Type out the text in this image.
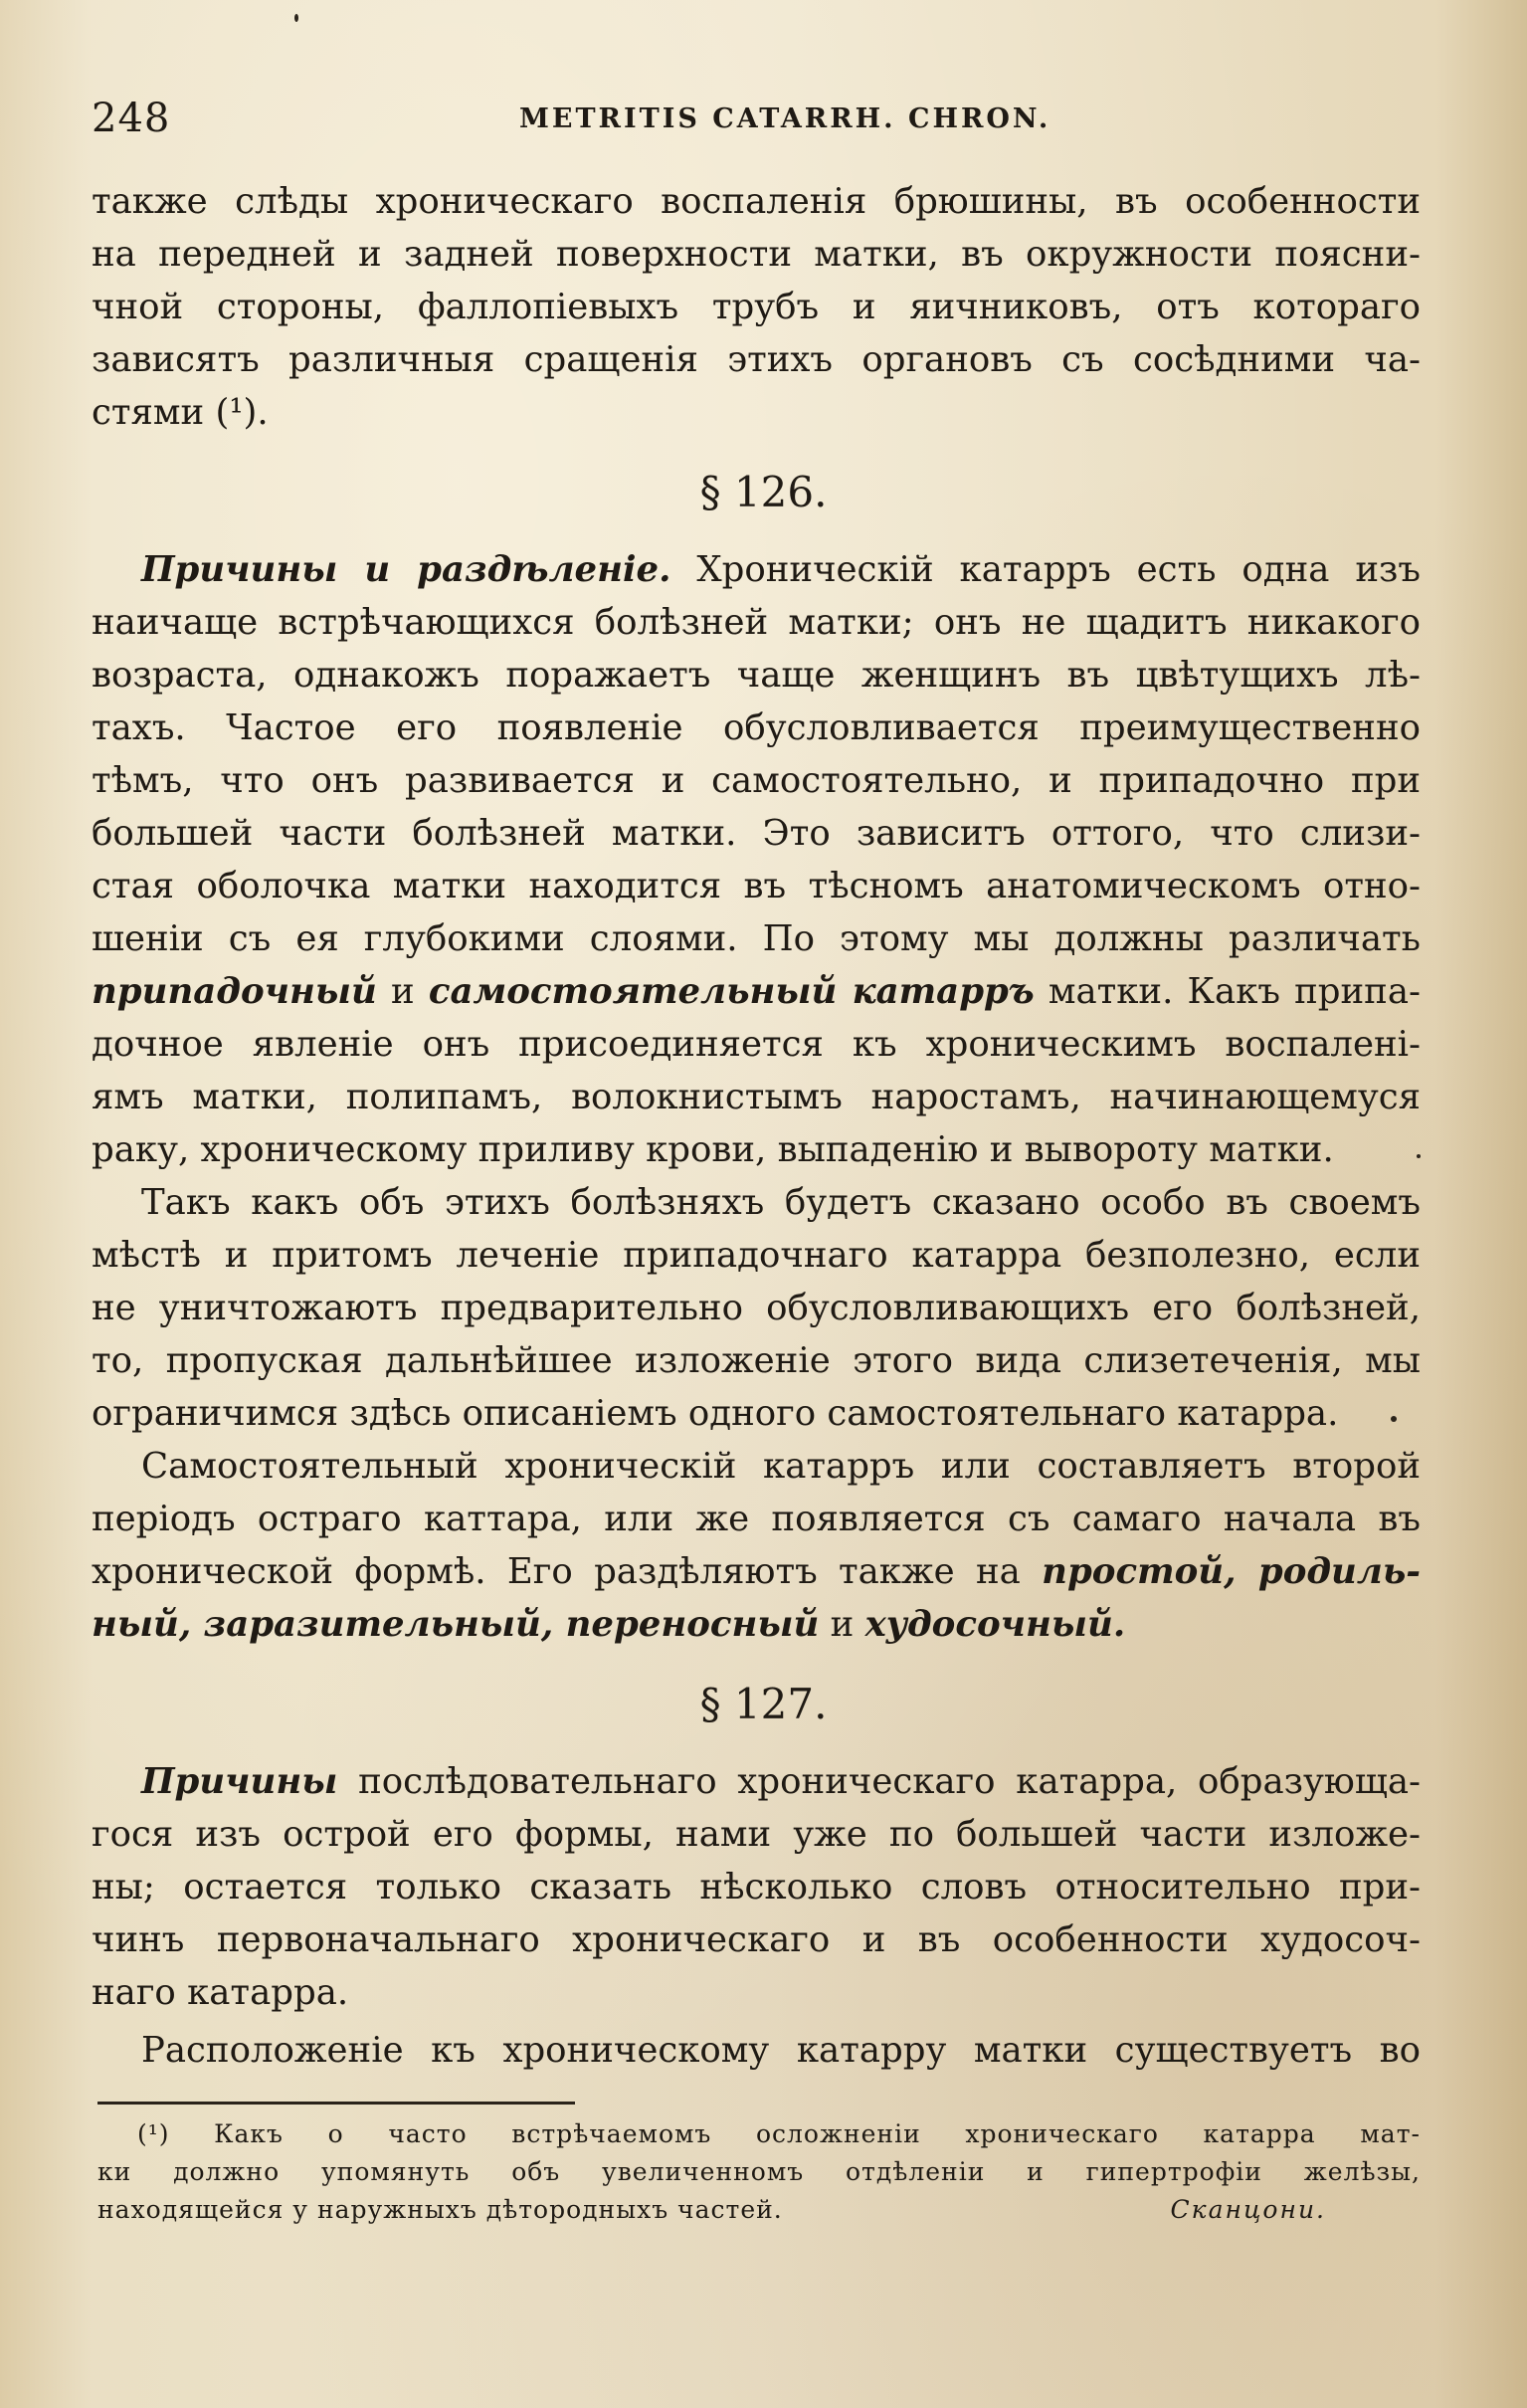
248	METRITIS CATARRH. CHRON.
также слѣды хроническаго воспаленія брюшины, въ особенности
на передней и задней поверхности матки, въ окружности поясни-
чной стороны, фаллопіевыхъ трубъ и яичниковъ, отъ котораго
зависятъ различныя сращенія этихъ органовъ съ сосѣдними ча-
стями (¹).
§ 126.
Причины и раздѣленіе. Хроническій катарръ есть одна изъ
наичаще встрѣчающихся болѣзней матки; онъ не щадитъ никакого
возраста, однакожъ поражаетъ чаще женщинъ въ цвѣтущихъ лѣ-
тахъ. Частое его появленіе обусловливается преимущественно
тѣмъ, что онъ развивается и самостоятельно, и припадочно при
большей части болѣзней матки. Это зависитъ оттого, что слизи-
стая оболочка матки находится въ тѣсномъ анатомическомъ отно-
шеніи съ ея глубокими слоями. По этому мы должны различать
припадочный и самостоятельный катарръ матки. Какъ припа-
дочное явленіе онъ присоединяется къ хроническимъ воспалені-
ямъ матки, полипамъ, волокнистымъ наростамъ, начинающемуся
раку, хроническому приливу крови, выпаденію и вывороту матки.
Такъ какъ объ этихъ болѣзняхъ будетъ сказано особо въ своемъ
мѣстѣ и притомъ леченіе припадочнаго катарра безполезно, если
не уничтожаютъ предварительно обусловливающихъ его болѣзней,
то, пропуская дальнѣйшее изложеніе этого вида слизетеченія, мы
ограничимся здѣсь описаніемъ одного самостоятельнаго катарра.
Самостоятельный хроническій катарръ или составляетъ второй
періодъ остраго каттара, или же появляется съ самаго начала въ
хронической формѣ. Его раздѣляютъ также на простой, родиль-
ный, заразительный, переносный и худосочный.
§ 127.
Причины послѣдовательнаго хроническаго катарра, образующа-
гося изъ острой его формы, нами уже по большей части изложе-
ны; остается только сказать нѣсколько словъ относительно при-
чинъ первоначальнаго хроническаго и въ особенности худосоч-
наго катарра.
Расположеніе къ хроническому катарру матки существуетъ во
(¹) Какъ о часто встрѣчаемомъ осложненіи хроническаго катарра мат-
ки должно упомянуть объ увеличенномъ отдѣленіи и гипертрофіи желѣзы,
находящейся у наружныхъ дѣтородныхъ частей.	Сканцони.
